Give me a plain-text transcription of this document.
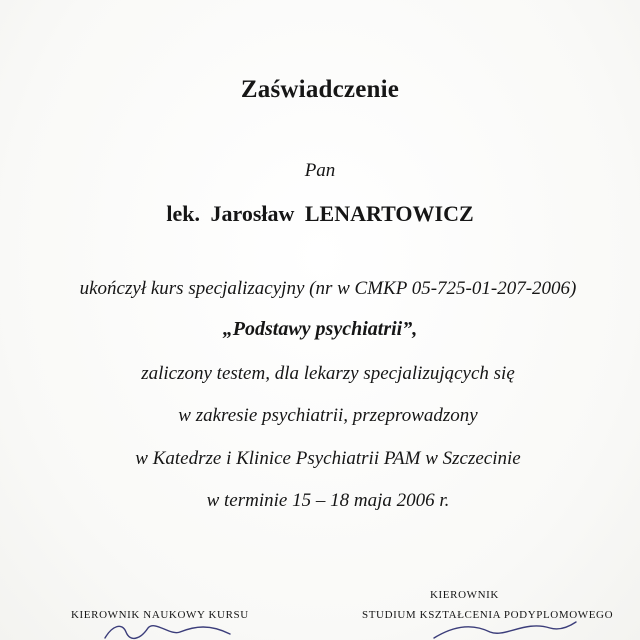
Zaświadczenie
Pan
lek. Jarosław LENARTOWICZ
ukończył kurs specjalizacyjny (nr w CMKP 05-725-01-207-2006)
„Podstawy psychiatrii”,
zaliczony testem, dla lekarzy specjalizujących się
w zakresie psychiatrii, przeprowadzony
w Katedrze i Klinice Psychiatrii PAM w Szczecinie
w terminie 15 – 18 maja 2006 r.
KIEROWNIK NAUKOWY KURSU
KIEROWNIK
STUDIUM KSZTAŁCENIA PODYPLOMOWEGO
